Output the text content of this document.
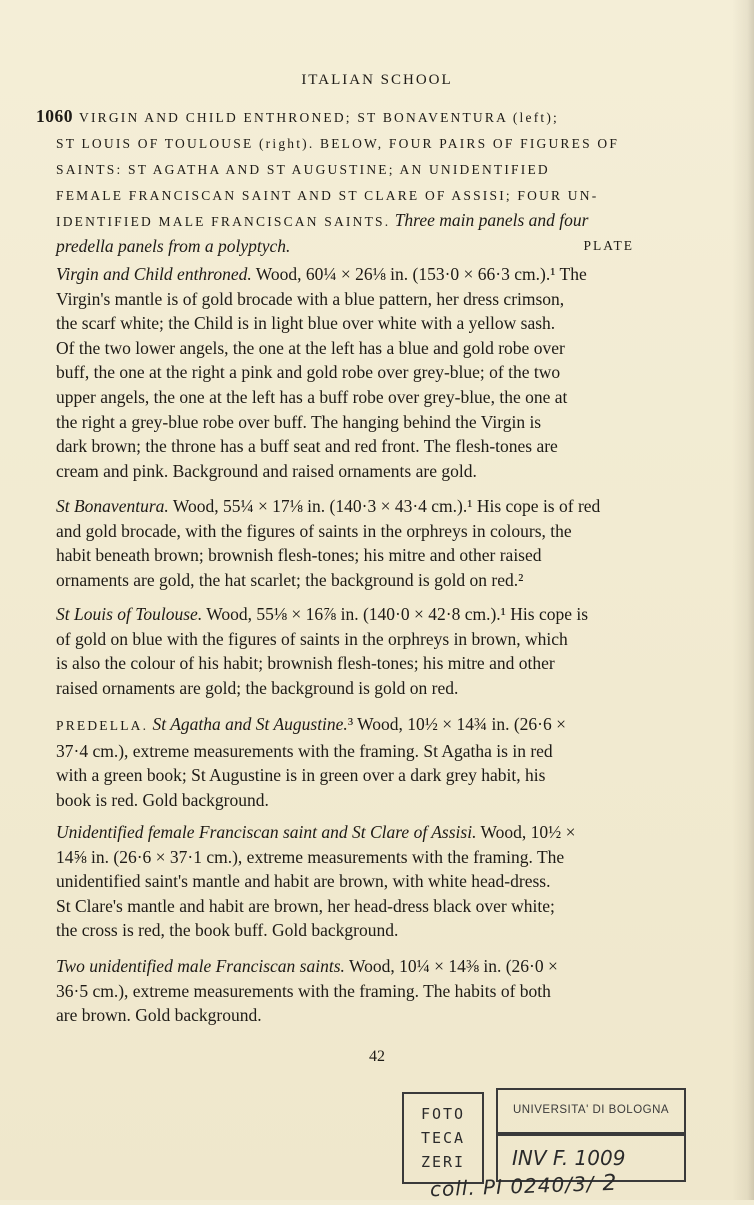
ITALIAN SCHOOL
1060 VIRGIN AND CHILD ENTHRONED; ST BONAVENTURA (left);
ST LOUIS OF TOULOUSE (right). BELOW, FOUR PAIRS OF FIGURES OF
SAINTS: ST AGATHA AND ST AUGUSTINE; AN UNIDENTIFIED
FEMALE FRANCISCAN SAINT AND ST CLARE OF ASSISI; FOUR UN-
IDENTIFIED MALE FRANCISCAN SAINTS. Three main panels and four
predella panels from a polyptych.	PLATE
Virgin and Child enthroned. Wood, 60¼ × 26⅛ in. (153·0 × 66·3 cm.).¹ The
Virgin's mantle is of gold brocade with a blue pattern, her dress crimson,
the scarf white; the Child is in light blue over white with a yellow sash.
Of the two lower angels, the one at the left has a blue and gold robe over
buff, the one at the right a pink and gold robe over grey-blue; of the two
upper angels, the one at the left has a buff robe over grey-blue, the one at
the right a grey-blue robe over buff. The hanging behind the Virgin is
dark brown; the throne has a buff seat and red front. The flesh-tones are
cream and pink. Background and raised ornaments are gold.
St Bonaventura. Wood, 55¼ × 17⅛ in. (140·3 × 43·4 cm.).¹ His cope is of red
and gold brocade, with the figures of saints in the orphreys in colours, the
habit beneath brown; brownish flesh-tones; his mitre and other raised
ornaments are gold, the hat scarlet; the background is gold on red.²
St Louis of Toulouse. Wood, 55⅛ × 16⅞ in. (140·0 × 42·8 cm.).¹ His cope is
of gold on blue with the figures of saints in the orphreys in brown, which
is also the colour of his habit; brownish flesh-tones; his mitre and other
raised ornaments are gold; the background is gold on red.
PREDELLA. St Agatha and St Augustine.³ Wood, 10½ × 14¾ in. (26·6 ×
37·4 cm.), extreme measurements with the framing. St Agatha is in red
with a green book; St Augustine is in green over a dark grey habit, his
book is red. Gold background.
Unidentified female Franciscan saint and St Clare of Assisi. Wood, 10½ ×
14⅝ in. (26·6 × 37·1 cm.), extreme measurements with the framing. The
unidentified saint's mantle and habit are brown, with white head-dress.
St Clare's mantle and habit are brown, her head-dress black over white;
the cross is red, the book buff. Gold background.
Two unidentified male Franciscan saints. Wood, 10¼ × 14⅜ in. (26·0 ×
36·5 cm.), extreme measurements with the framing. The habits of both
are brown. Gold background.
42
FOTO
TECA
ZERI
UNIVERSITA' DI BOLOGNA
INV F. 1009
coll. PI 0240/3/ 2
